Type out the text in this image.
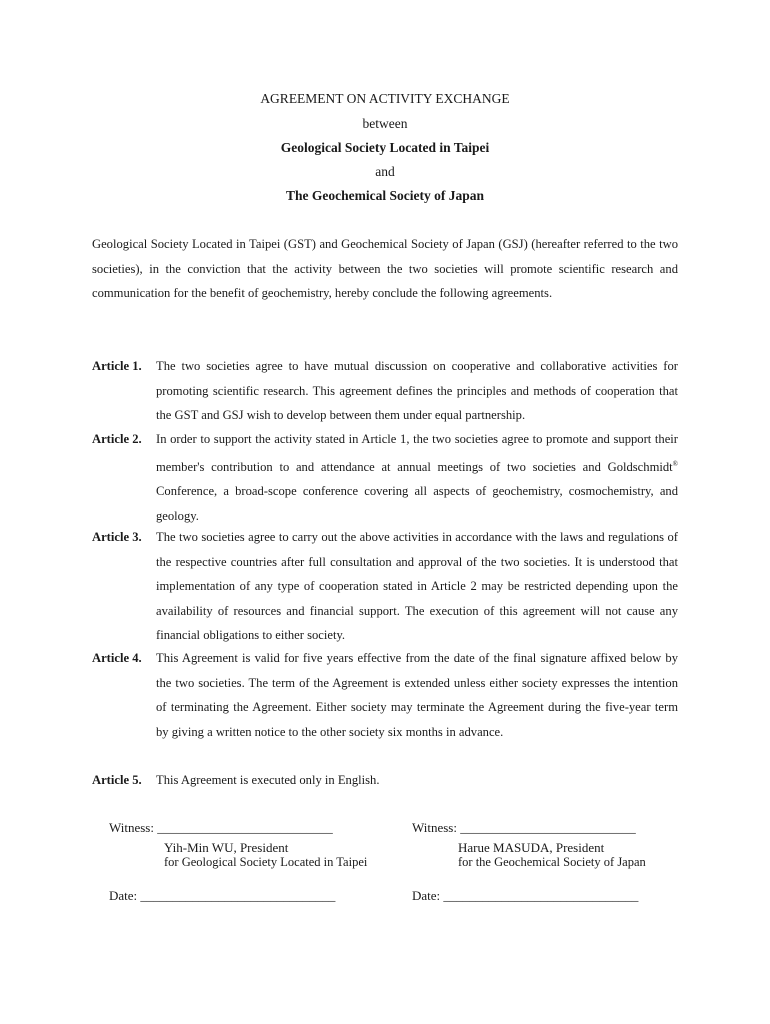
AGREEMENT ON ACTIVITY EXCHANGE
between
Geological Society Located in Taipei
and
The Geochemical Society of Japan
Geological Society Located in Taipei (GST) and Geochemical Society of Japan (GSJ) (hereafter referred to the two societies), in the conviction that the activity between the two societies will promote scientific research and communication for the benefit of geochemistry, hereby conclude the following agreements.
Article 1. The two societies agree to have mutual discussion on cooperative and collaborative activities for promoting scientific research. This agreement defines the principles and methods of cooperation that the GST and GSJ wish to develop between them under equal partnership.
Article 2. In order to support the activity stated in Article 1, the two societies agree to promote and support their member's contribution to and attendance at annual meetings of two societies and Goldschmidt® Conference, a broad-scope conference covering all aspects of geochemistry, cosmochemistry, and geology.
Article 3. The two societies agree to carry out the above activities in accordance with the laws and regulations of the respective countries after full consultation and approval of the two societies. It is understood that implementation of any type of cooperation stated in Article 2 may be restricted depending upon the availability of resources and financial support. The execution of this agreement will not cause any financial obligations to either society.
Article 4. This Agreement is valid for five years effective from the date of the final signature affixed below by the two societies. The term of the Agreement is extended unless either society expresses the intention of terminating the Agreement. Either society may terminate the Agreement during the five-year term by giving a written notice to the other society six months in advance.
Article 5. This Agreement is executed only in English.
Witness: ___________________________
Yih-Min WU, President
for Geological Society Located in Taipei
Date: ______________________________
Witness: ___________________________
Harue MASUDA, President
for the Geochemical Society of Japan
Date: ______________________________
